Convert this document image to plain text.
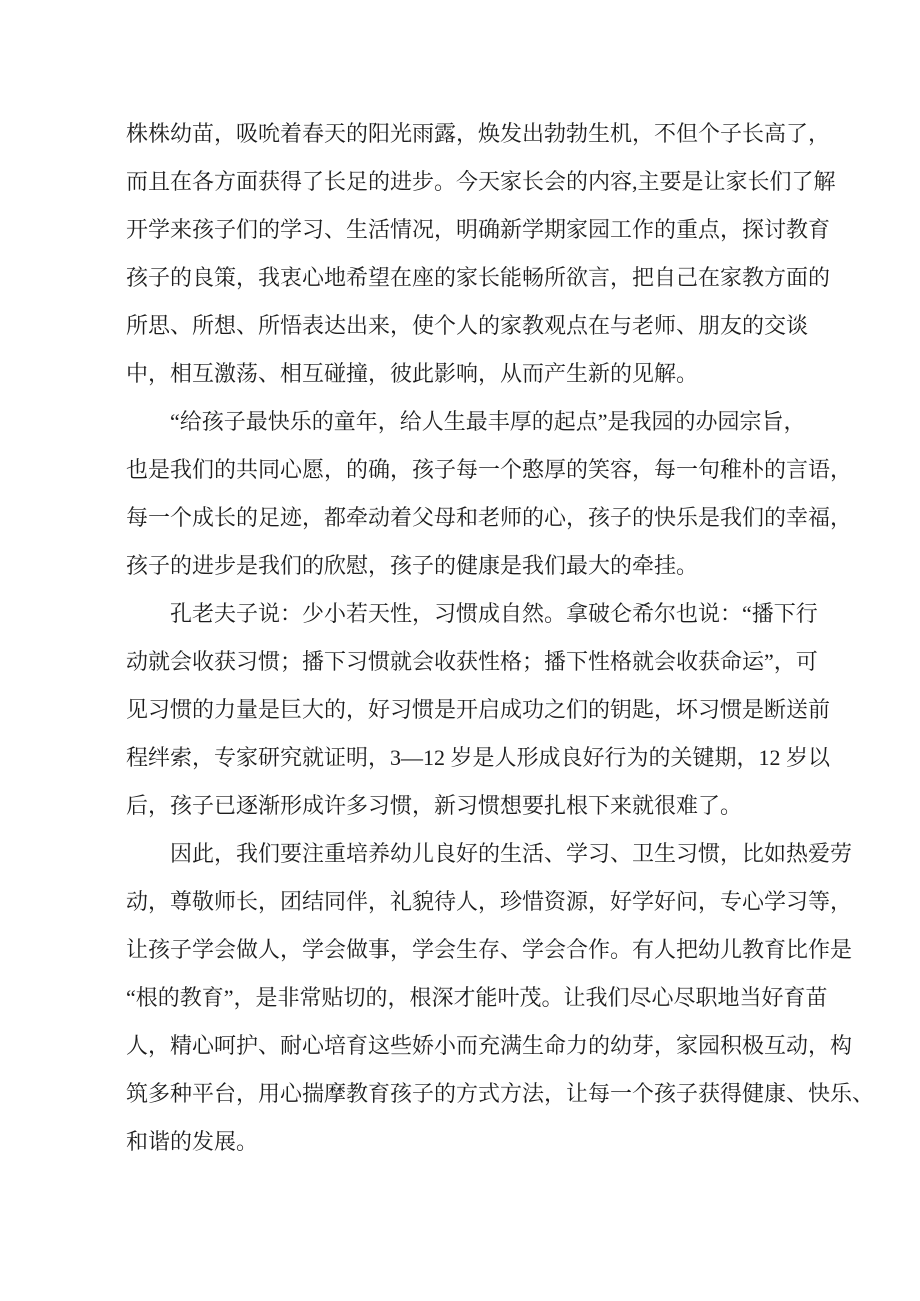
株株幼苗，吸吮着春天的阳光雨露，焕发出勃勃生机，不但个子长高了，
而且在各方面获得了长足的进步。今天家长会的内容,主要是让家长们了解
开学来孩子们的学习、生活情况，明确新学期家园工作的重点，探讨教育
孩子的良策，我衷心地希望在座的家长能畅所欲言，把自己在家教方面的
所思、所想、所悟表达出来，使个人的家教观点在与老师、朋友的交谈
中，相互激荡、相互碰撞，彼此影响，从而产生新的见解。
“给孩子最快乐的童年，给人生最丰厚的起点”是我园的办园宗旨，
也是我们的共同心愿，的确，孩子每一个憨厚的笑容，每一句稚朴的言语，
每一个成长的足迹，都牵动着父母和老师的心，孩子的快乐是我们的幸福，
孩子的进步是我们的欣慰，孩子的健康是我们最大的牵挂。
孔老夫子说：少小若天性，习惯成自然。拿破仑希尔也说：“播下行
动就会收获习惯；播下习惯就会收获性格；播下性格就会收获命运”，可
见习惯的力量是巨大的，好习惯是开启成功之们的钥匙，坏习惯是断送前
程绊索，专家研究就证明，3—12 岁是人形成良好行为的关键期，12 岁以
后，孩子已逐渐形成许多习惯，新习惯想要扎根下来就很难了。
因此，我们要注重培养幼儿良好的生活、学习、卫生习惯，比如热爱劳
动，尊敬师长，团结同伴，礼貌待人，珍惜资源，好学好问，专心学习等，
让孩子学会做人，学会做事，学会生存、学会合作。有人把幼儿教育比作是
“根的教育”，是非常贴切的，根深才能叶茂。让我们尽心尽职地当好育苗
人，精心呵护、耐心培育这些娇小而充满生命力的幼芽，家园积极互动，构
筑多种平台，用心揣摩教育孩子的方式方法，让每一个孩子获得健康、快乐、
和谐的发展。
